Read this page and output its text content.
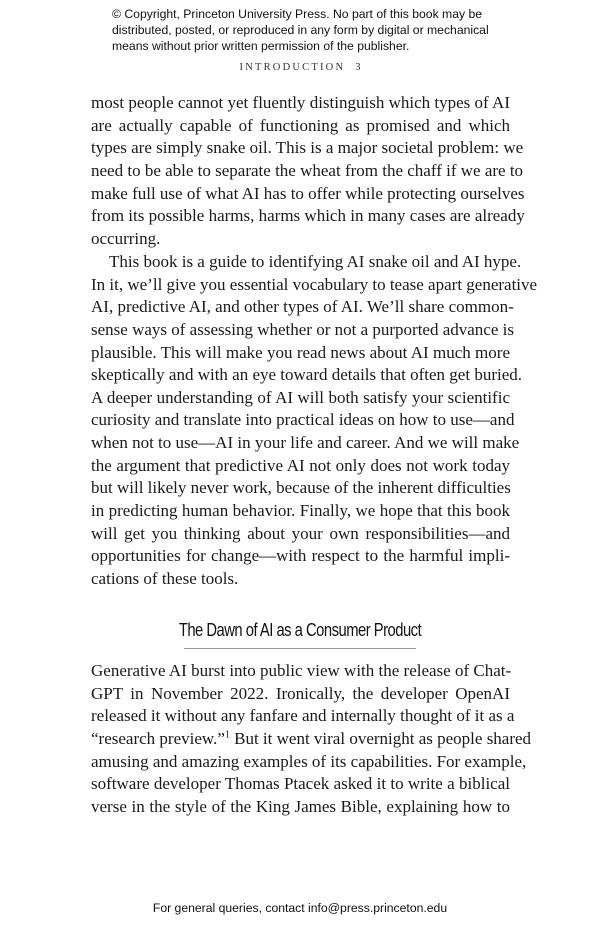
© Copyright, Princeton University Press. No part of this book may be distributed, posted, or reproduced in any form by digital or mechanical means without prior written permission of the publisher.
INTRODUCTION 3
most people cannot yet fluently distinguish which types of AI
are actually capable of functioning as promised and which
types are simply snake oil. This is a major societal problem: we
need to be able to separate the wheat from the chaff if we are to
make full use of what AI has to offer while protecting ourselves
from its possible harms, harms which in many cases are already
occurring.
This book is a guide to identifying AI snake oil and AI hype.
In it, we’ll give you essential vocabulary to tease apart generative
AI, predictive AI, and other types of AI. We’ll share common-
sense ways of assessing whether or not a purported advance is
plausible. This will make you read news about AI much more
skeptically and with an eye toward details that often get buried.
A deeper understanding of AI will both satisfy your scientific
curiosity and translate into practical ideas on how to use—and
when not to use—AI in your life and career. And we will make
the argument that predictive AI not only does not work today
but will likely never work, because of the inherent difficulties
in predicting human behavior. Finally, we hope that this book
will get you thinking about your own responsibilities—and
opportunities for change—with respect to the harmful impli-
cations of these tools.
The Dawn of AI as a Consumer Product
Generative AI burst into public view with the release of Chat-
GPT in November 2022. Ironically, the developer OpenAI
released it without any fanfare and internally thought of it as a
“research preview.”$^1$ But it went viral overnight as people shared
amusing and amazing examples of its capabilities. For example,
software developer Thomas Ptacek asked it to write a biblical
verse in the style of the King James Bible, explaining how to
For general queries, contact info@press.princeton.edu
